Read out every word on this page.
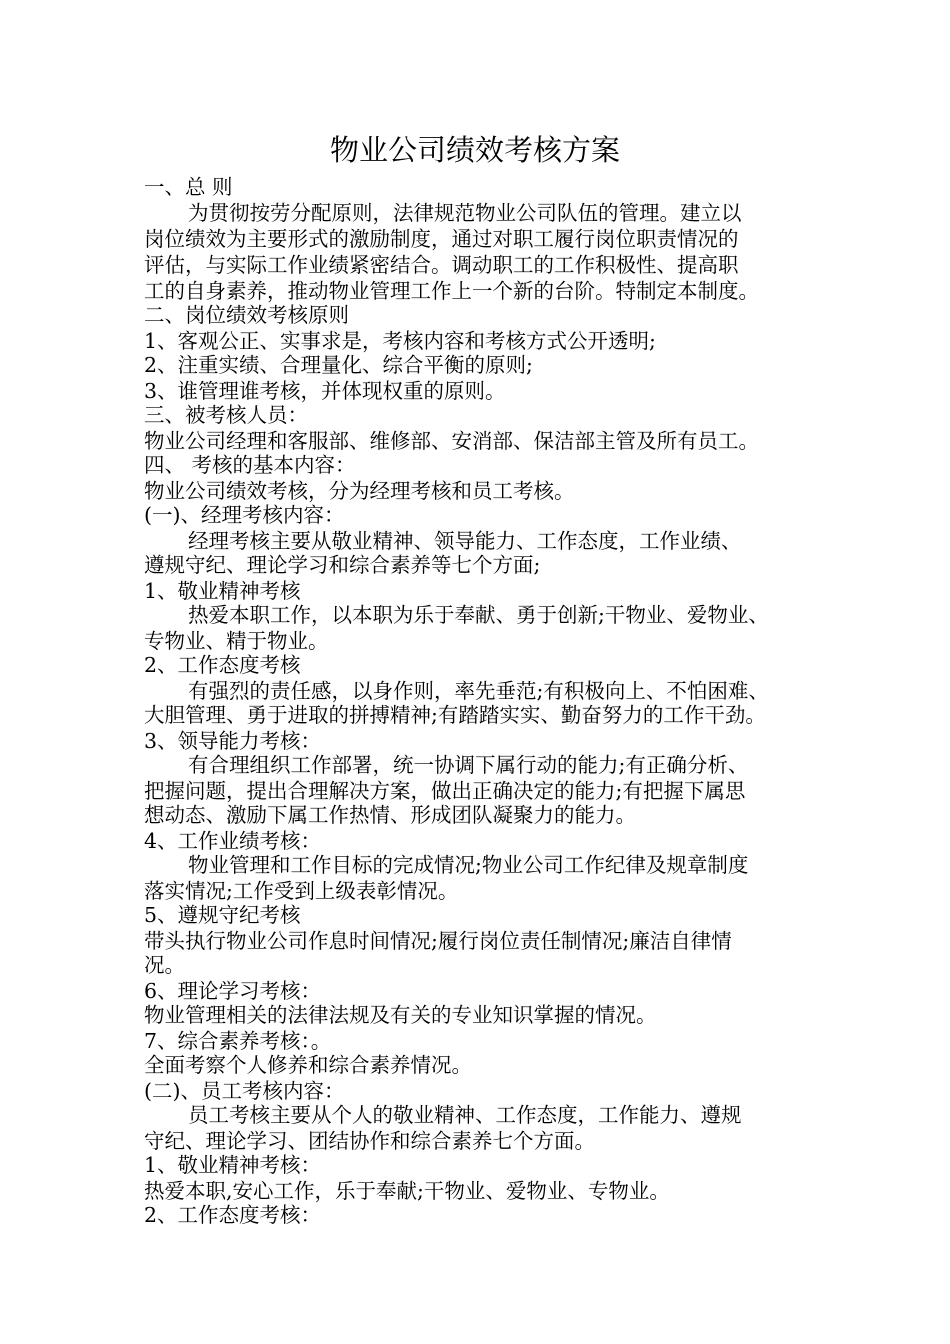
物业公司绩效考核方案
一、总 则
为贯彻按劳分配原则，法律规范物业公司队伍的管理。建立以
岗位绩效为主要形式的激励制度，通过对职工履行岗位职责情况的
评估，与实际工作业绩紧密结合。调动职工的工作积极性、提高职
工的自身素养，推动物业管理工作上一个新的台阶。特制定本制度。
二、岗位绩效考核原则
1、客观公正、实事求是，考核内容和考核方式公开透明;
2、注重实绩、合理量化、综合平衡的原则;
3、谁管理谁考核，并体现权重的原则。
三、被考核人员：
物业公司经理和客服部、维修部、安消部、保洁部主管及所有员工。
四、 考核的基本内容：
物业公司绩效考核，分为经理考核和员工考核。
(一)、经理考核内容：
经理考核主要从敬业精神、领导能力、工作态度，工作业绩、
遵规守纪、理论学习和综合素养等七个方面;
1、敬业精神考核
热爱本职工作，以本职为乐于奉献、勇于创新;干物业、爱物业、
专物业、精于物业。
2、工作态度考核
有强烈的责任感，以身作则，率先垂范;有积极向上、不怕困难、
大胆管理、勇于进取的拼搏精神;有踏踏实实、勤奋努力的工作干劲。
3、领导能力考核：
有合理组织工作部署，统一协调下属行动的能力;有正确分析、
把握问题，提出合理解决方案，做出正确决定的能力;有把握下属思
想动态、激励下属工作热情、形成团队凝聚力的能力。
4、工作业绩考核：
物业管理和工作目标的完成情况;物业公司工作纪律及规章制度
落实情况;工作受到上级表彰情况。
5、遵规守纪考核
带头执行物业公司作息时间情况;履行岗位责任制情况;廉洁自律情
况。
6、理论学习考核：
物业管理相关的法律法规及有关的专业知识掌握的情况。
7、综合素养考核：。
全面考察个人修养和综合素养情况。
(二)、员工考核内容：
员工考核主要从个人的敬业精神、工作态度，工作能力、遵规
守纪、理论学习、团结协作和综合素养七个方面。
1、敬业精神考核：
热爱本职,安心工作，乐于奉献;干物业、爱物业、专物业。
2、工作态度考核：
